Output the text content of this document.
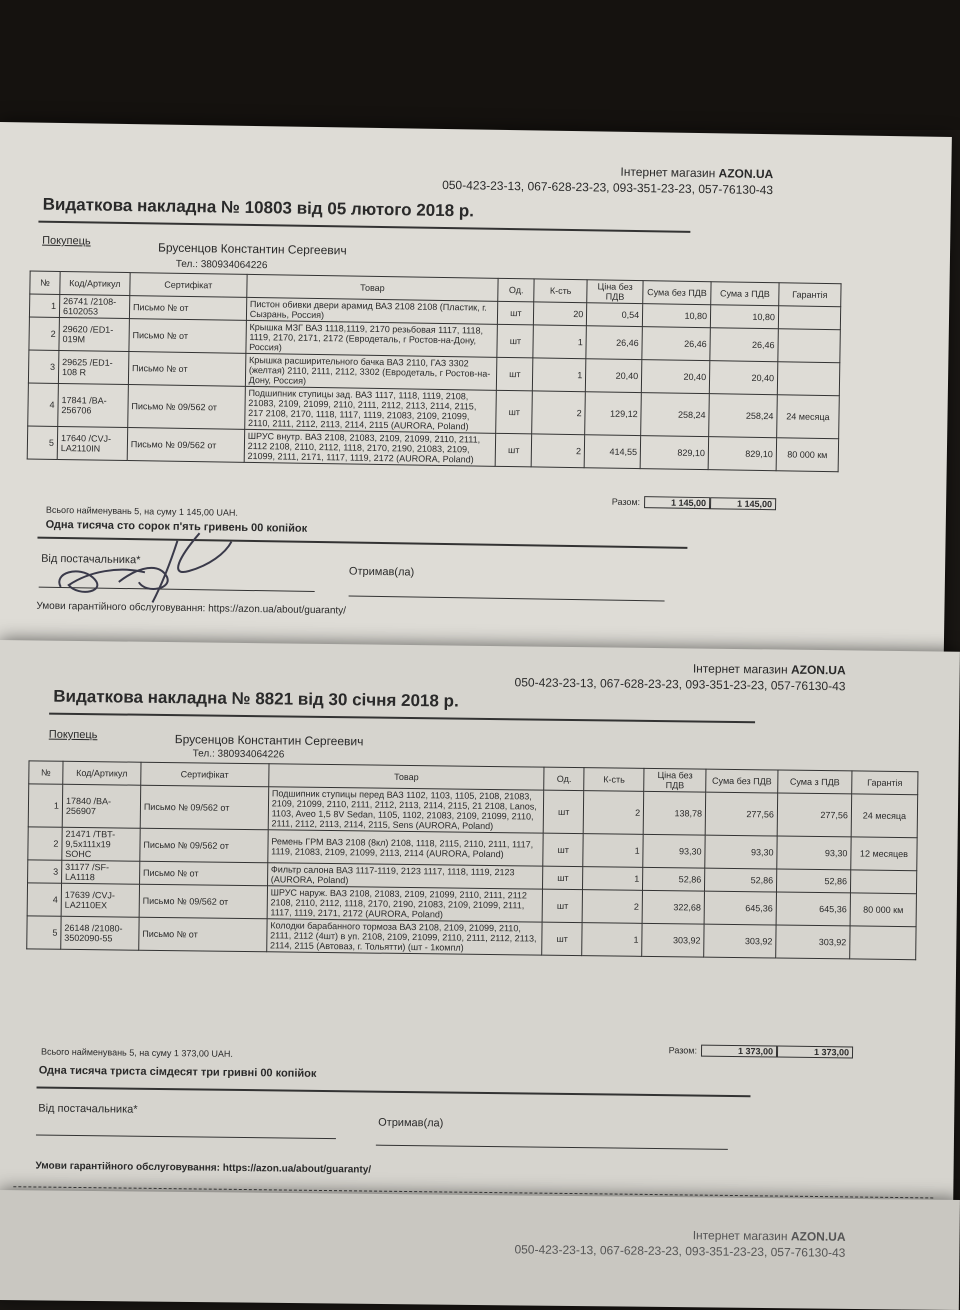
Інтернет магазин AZON.UA
050-423-23-13, 067-628-23-23, 093-351-23-23, 057-76130-43
Видаткова накладна № 10803 від 05 лютого 2018 р.
Покупець	Брусенцов Константин Сергеевич
Тел.: 380934064226
№	Код/Артикул	Сертифікат	Товар	Од.	К-сть	Ціна без ПДВ	Сума без ПДВ	Сума з ПДВ	Гарантія
1	26741 /2108-6102053	Письмо № от	Пистон обивки двери арамид ВАЗ 2108 2108 (Пластик, г. Сызрань, Россия)	шт	20	0,54	10,80	10,80	
2	29620 /ED1-019M	Письмо № от	Крышка МЗГ ВАЗ 1118,1119, 2170 резьбовая 1117, 1118, 1119, 2170, 2171, 2172 (Евродеталь, г Ростов-на-Дону, Россия)	шт	1	26,46	26,46	26,46	
3	29625 /ED1-108 R	Письмо № от	Крышка расширительного бачка ВАЗ 2110, ГАЗ 3302 (желтая) 2110, 2111, 2112, 3302 (Евродеталь, г Ростов-на-Дону, Россия)	шт	1	20,40	20,40	20,40	
4	17841 /BA-256706	Письмо № 09/562 от	Подшипник ступицы зад. ВАЗ 1117, 1118, 1119, 2108, 21083, 2109, 21099, 2110, 2111, 2112, 2113, 2114, 2115, 217 2108, 2170, 1118, 1117, 1119, 21083, 2109, 21099, 2110, 2111, 2112, 2113, 2114, 2115 (AURORA, Poland)	шт	2	129,12	258,24	258,24	24 месяца
5	17640 /CVJ-LA2110IN	Письмо № 09/562 от	ШРУС внутр. ВАЗ 2108, 21083, 2109, 21099, 2110, 2111, 2112 2108, 2110, 2112, 1118, 2170, 2190, 21083, 2109, 21099, 2111, 2171, 1117, 1119, 2172 (AURORA, Poland)	шт	2	414,55	829,10	829,10	80 000 км
Разом:	1 145,00	1 145,00
Всього найменувань 5, на суму 1 145,00 UAH.
Одна тисяча сто сорок п'ять гривень 00 копійок
Від постачальника*
Отримав(ла)
Умови гарантійного обслуговування: https://azon.ua/about/guaranty/
Інтернет магазин AZON.UA
050-423-23-13, 067-628-23-23, 093-351-23-23, 057-76130-43
Видаткова накладна № 8821 від 30 січня 2018 р.
Покупець	Брусенцов Константин Сергеевич
Тел.: 380934064226
№	Код/Артикул	Сертифікат	Товар	Од.	К-сть	Ціна без ПДВ	Сума без ПДВ	Сума з ПДВ	Гарантія
1	17840 /BA-256907	Письмо № 09/562 от	Подшипник ступицы перед ВАЗ 1102, 1103, 1105, 2108, 21083, 2109, 21099, 2110, 2111, 2112, 2113, 2114, 2115, 21 2108, Lanos, 1103, Aveo 1,5 8V Sedan, 1105, 1102, 21083, 2109, 21099, 2110, 2111, 2112, 2113, 2114, 2115, Sens (AURORA, Poland)	шт	2	138,78	277,56	277,56	24 месяца
2	21471 /TBT-9,5x111x19 SOHC	Письмо № 09/562 от	Ремень ГРМ ВАЗ 2108 (8кл) 2108, 1118, 2115, 2110, 2111, 1117, 1119, 21083, 2109, 21099, 2113, 2114 (AURORA, Poland)	шт	1	93,30	93,30	93,30	12 месяцев
3	31177 /SF-LA1118	Письмо № от	Фильтр салона ВАЗ 1117-1119, 2123 1117, 1118, 1119, 2123 (AURORA, Poland)	шт	1	52,86	52,86	52,86	
4	17639 /CVJ-LA2110EX	Письмо № 09/562 от	ШРУС наруж. ВАЗ 2108, 21083, 2109, 21099, 2110, 2111, 2112 2108, 2110, 2112, 1118, 2170, 2190, 21083, 2109, 21099, 2111, 1117, 1119, 2171, 2172 (AURORA, Poland)	шт	2	322,68	645,36	645,36	80 000 км
5	26148 /21080-3502090-55	Письмо № от	Колодки барабанного тормоза ВАЗ 2108, 2109, 21099, 2110, 2111, 2112 (4шт) в уп. 2108, 2109, 21099, 2110, 2111, 2112, 2113, 2114, 2115 (Автоваз, г. Тольятти) (шт - 1компл)	шт	1	303,92	303,92	303,92	
Разом:	1 373,00	1 373,00
Всього найменувань 5, на суму 1 373,00 UAH.
Одна тисяча триста сімдесят три гривні 00 копійок
Від постачальника*
Отримав(ла)
Умови гарантійного обслуговування: https://azon.ua/about/guaranty/
Інтернет магазин AZON.UA
050-423-23-13, 067-628-23-23, 093-351-23-23, 057-76130-43
